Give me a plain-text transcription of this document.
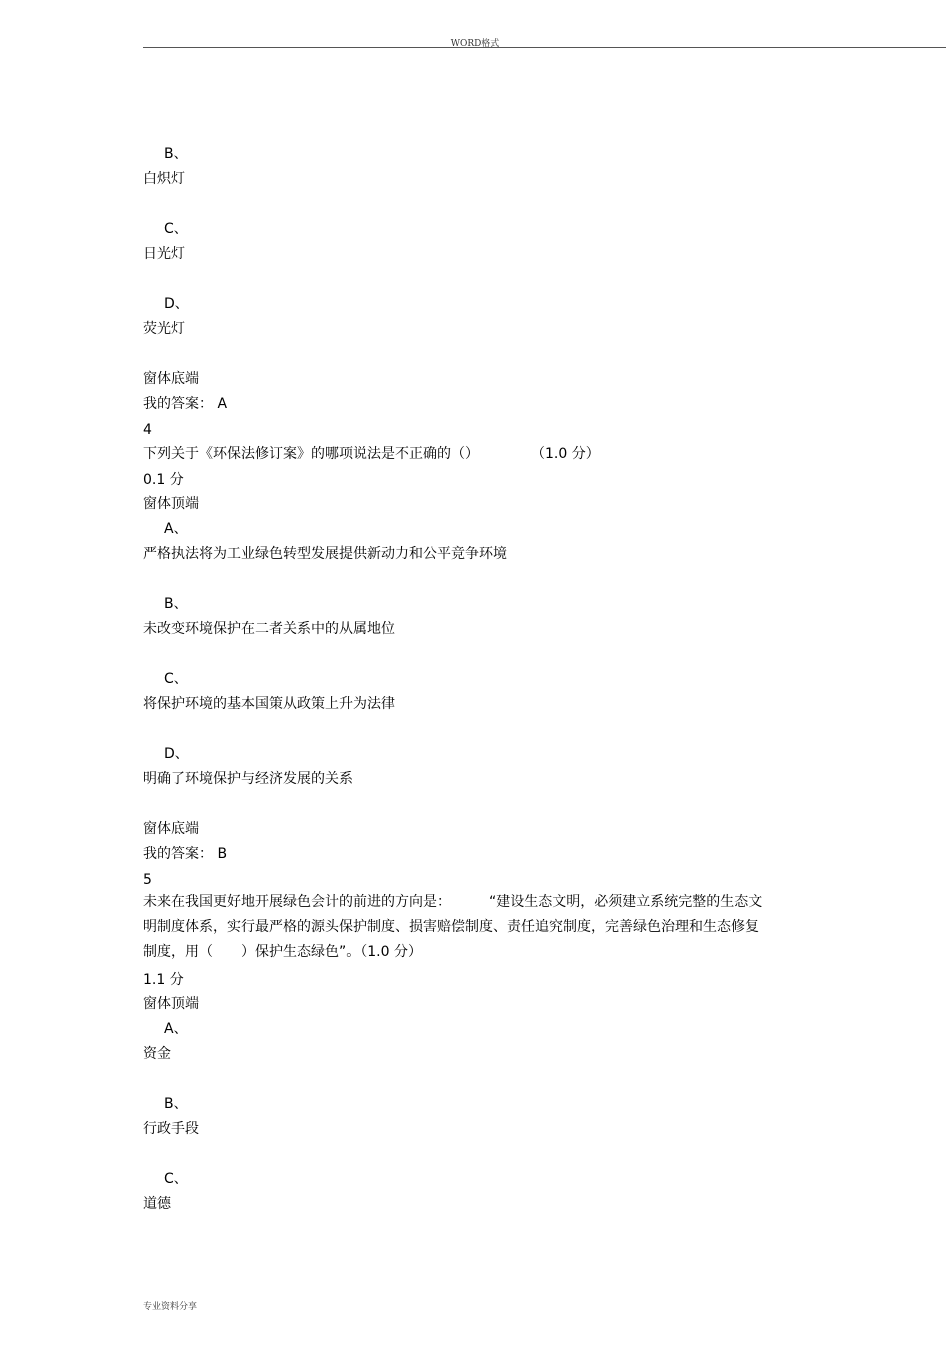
WORD格式
B、
白炽灯
C、
日光灯
D、
荧光灯
窗体底端
我的答案： A
4
下列关于《环保法修订案》的哪项说法是不正确的（）	（1.0 分）
0.1 分
窗体顶端
A、
严格执法将为工业绿色转型发展提供新动力和公平竞争环境
B、
未改变环境保护在二者关系中的从属地位
C、
将保护环境的基本国策从政策上升为法律
D、
明确了环境保护与经济发展的关系
窗体底端
我的答案： B
5
未来在我国更好地开展绿色会计的前进的方向是：	“建设生态文明，必须建立系统完整的生态文明制度体系，实行最严格的源头保护制度、损害赔偿制度、责任追究制度，完善绿色治理和生态修复制度，用（　　）保护生态绿色”。（1.0 分）
1.1 分
窗体顶端
A、
资金
B、
行政手段
C、
道德
专业资料分享
